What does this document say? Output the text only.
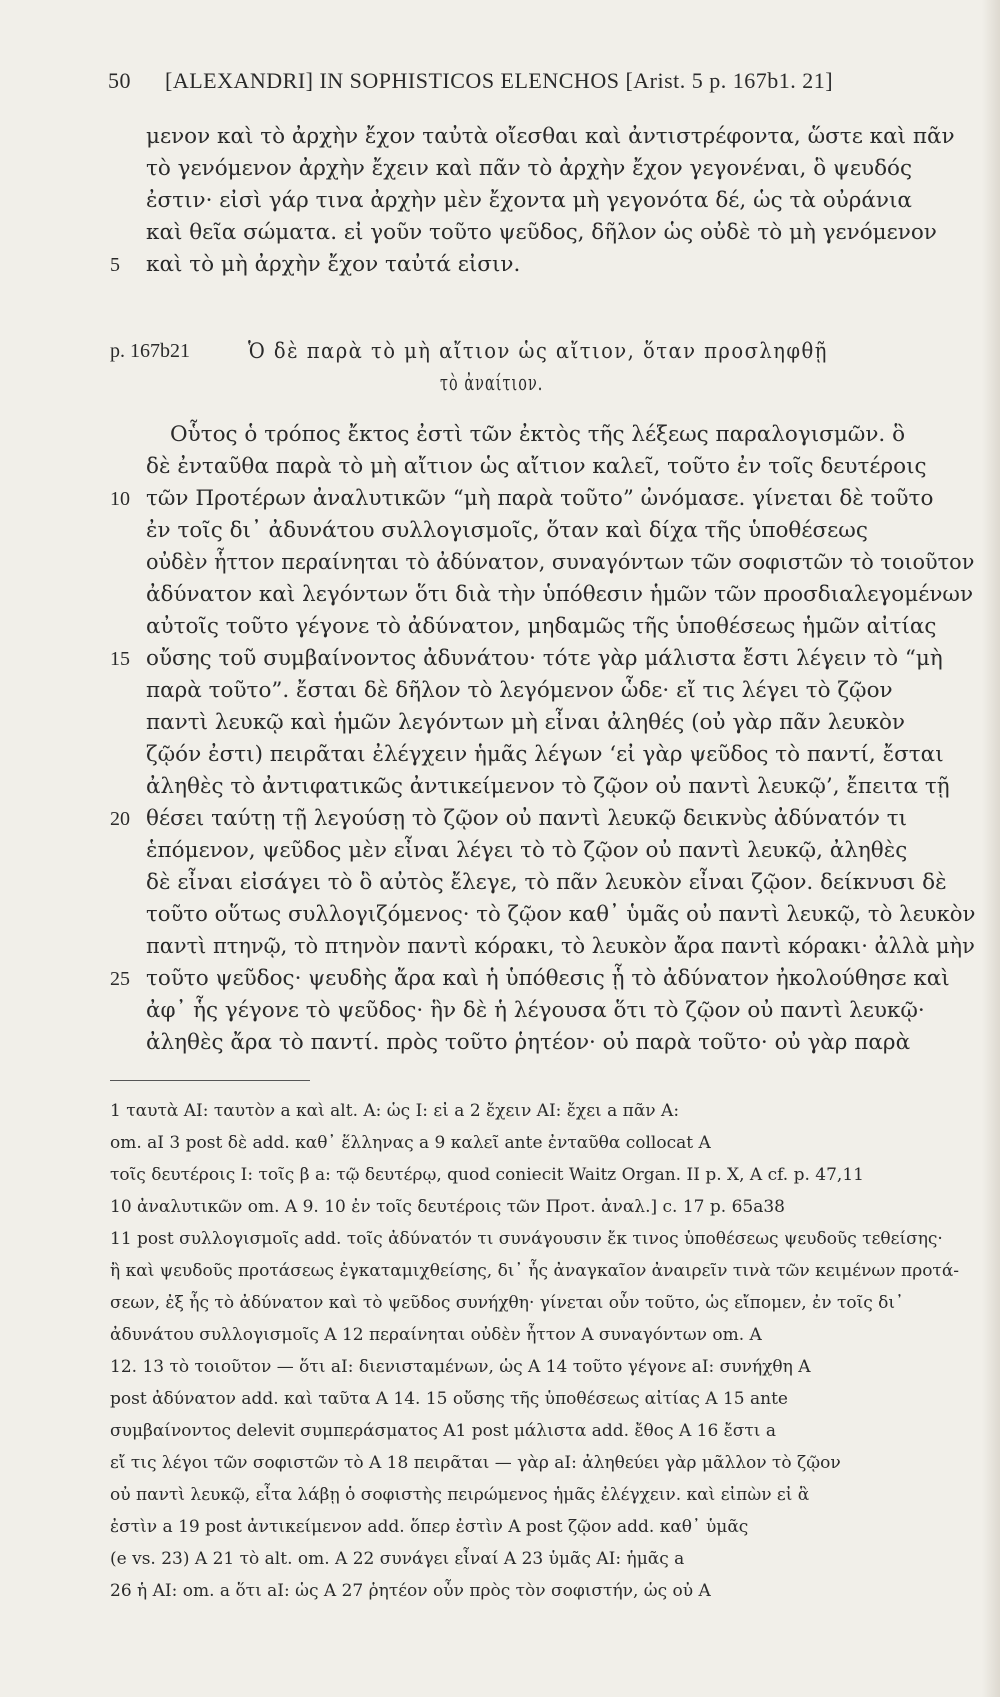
50 [ALEXANDRI] IN SOPHISTICOS ELENCHOS [Arist. 5 p. 167b1. 21]
μενον καὶ τὸ ἀρχὴν ἔχον ταὐτὰ οἴεσθαι καὶ ἀντιστρέφοντα, ὥστε καὶ πᾶν
τὸ γενόμενον ἀρχὴν ἔχειν καὶ πᾶν τὸ ἀρχὴν ἔχον γεγονέναι, ὃ ψευδός
ἐστιν· εἰσὶ γάρ τινα ἀρχὴν μὲν ἔχοντα μὴ γεγονότα δέ, ὡς τὰ οὐράνια
καὶ θεῖα σώματα. εἰ γοῦν τοῦτο ψεῦδος, δῆλον ὡς οὐδὲ τὸ μὴ γενόμενον
5 καὶ τὸ μὴ ἀρχὴν ἔχον ταὐτά εἰσιν.
p. 167b21	Ὁ δὲ παρὰ τὸ μὴ αἴτιον ὡς αἴτιον, ὅταν προσληφθῇ
τὸ ἀναίτιον.
Οὗτος ὁ τρόπος ἔκτος ἐστὶ τῶν ἐκτὸς τῆς λέξεως παραλογισμῶν. ὃ
δὲ ἐνταῦθα παρὰ τὸ μὴ αἴτιον ὡς αἴτιον καλεῖ, τοῦτο ἐν τοῖς δευτέροις
10 τῶν Προτέρων ἀναλυτικῶν “μὴ παρὰ τοῦτο” ὠνόμασε. γίνεται δὲ τοῦτο
ἐν τοῖς δι᾿ ἀδυνάτου συλλογισμοῖς, ὅταν καὶ δίχα τῆς ὑποθέσεως
οὐδὲν ἧττον περαίνηται τὸ ἀδύνατον, συναγόντων τῶν σοφιστῶν τὸ τοιοῦτον
ἀδύνατον καὶ λεγόντων ὅτι διὰ τὴν ὑπόθεσιν ἡμῶν τῶν προσδιαλεγομένων
αὐτοῖς τοῦτο γέγονε τὸ ἀδύνατον, μηδαμῶς τῆς ὑποθέσεως ἡμῶν αἰτίας
15 οὔσης τοῦ συμβαίνοντος ἀδυνάτου· τότε γὰρ μάλιστα ἔστι λέγειν τὸ “μὴ
παρὰ τοῦτο”. ἔσται δὲ δῆλον τὸ λεγόμενον ὧδε· εἴ τις λέγει τὸ ζῷον
παντὶ λευκῷ καὶ ἡμῶν λεγόντων μὴ εἶναι ἀληθές (οὐ γὰρ πᾶν λευκὸν
ζῷόν ἐστι) πειρᾶται ἐλέγχειν ἡμᾶς λέγων ‘εἰ γὰρ ψεῦδος τὸ παντί, ἔσται
ἀληθὲς τὸ ἀντιφατικῶς ἀντικείμενον τὸ ζῷον οὐ παντὶ λευκῷ’, ἔπειτα τῇ
20 θέσει ταύτῃ τῇ λεγούσῃ τὸ ζῷον οὐ παντὶ λευκῷ δεικνὺς ἀδύνατόν τι
ἑπόμενον, ψεῦδος μὲν εἶναι λέγει τὸ τὸ ζῷον οὐ παντὶ λευκῷ, ἀληθὲς
δὲ εἶναι εἰσάγει τὸ ὃ αὐτὸς ἔλεγε, τὸ πᾶν λευκὸν εἶναι ζῷον. δείκνυσι δὲ
τοῦτο οὕτως συλλογιζόμενος· τὸ ζῷον καθ᾿ ὑμᾶς οὐ παντὶ λευκῷ, τὸ λευκὸν
παντὶ πτηνῷ, τὸ πτηνὸν παντὶ κόρακι, τὸ λευκὸν ἄρα παντὶ κόρακι· ἀλλὰ μὴν
25 τοῦτο ψεῦδος· ψευδὴς ἄρα καὶ ἡ ὑπόθεσις ᾗ τὸ ἀδύνατον ἠκολούθησε καὶ
ἀφ᾿ ἧς γέγονε τὸ ψεῦδος· ἣν δὲ ἡ λέγουσα ὅτι τὸ ζῷον οὐ παντὶ λευκῷ·
ἀληθὲς ἄρα τὸ παντί. πρὸς τοῦτο ῥητέον· οὐ παρὰ τοῦτο· οὐ γὰρ παρὰ
1 ταυτὰ AI: ταυτὸν a καὶ alt. A: ὡς I: εἰ a 2 ἔχειν AI: ἔχει a πᾶν A:
om. aI 3 post δὲ add. καθ᾿ ἕλληνας a 9 καλεῖ ante ἐνταῦθα collocat A
τοῖς δευτέροις I: τοῖς β a: τῷ δευτέρῳ, quod coniecit Waitz Organ. II p. X, A cf. p. 47,11
10 ἀναλυτικῶν om. A 9. 10 ἐν τοῖς δευτέροις τῶν Προτ. ἀναλ.] c. 17 p. 65a38
11 post συλλογισμοῖς add. τοῖς ἀδύνατόν τι συνάγουσιν ἔκ τινος ὑποθέσεως ψευδοῦς τεθείσης·
ἢ καὶ ψευδοῦς προτάσεως ἐγκαταμιχθείσης, δι᾿ ἧς ἀναγκαῖον ἀναιρεῖν τινὰ τῶν κειμένων προτά-
σεων, ἐξ ἧς τὸ ἀδύνατον καὶ τὸ ψεῦδος συνήχθη· γίνεται οὖν τοῦτο, ὡς εἴπομεν, ἐν τοῖς δι᾿
ἀδυνάτου συλλογισμοῖς A 12 περαίνηται οὐδὲν ἧττον A συναγόντων om. A
12. 13 τὸ τοιοῦτον — ὅτι aI: διενισταμένων, ὡς A 14 τοῦτο γέγονε aI: συνήχθη A
post ἀδύνατον add. καὶ ταῦτα A 14. 15 οὔσης τῆς ὑποθέσεως αἰτίας A 15 ante
συμβαίνοντος delevit συμπεράσματος A1 post μάλιστα add. ἔθος A 16 ἔστι a
εἴ τις λέγοι τῶν σοφιστῶν τὸ A 18 πειρᾶται — γὰρ aI: ἀληθεύει γὰρ μᾶλλον τὸ ζῷον
οὐ παντὶ λευκῷ, εἶτα λάβῃ ὁ σοφιστὴς πειρώμενος ἡμᾶς ἐλέγχειν. καὶ εἰπὼν εἰ ἃ
ἐστὶν a 19 post ἀντικείμενον add. ὅπερ ἐστὶν A post ζῷον add. καθ᾿ ὑμᾶς
(e vs. 23) A 21 τὸ alt. om. A 22 συνάγει εἶναί A 23 ὑμᾶς AI: ἡμᾶς a
26 ἡ AI: om. a ὅτι aI: ὡς A 27 ῥητέον οὖν πρὸς τὸν σοφιστήν, ὡς οὐ A
